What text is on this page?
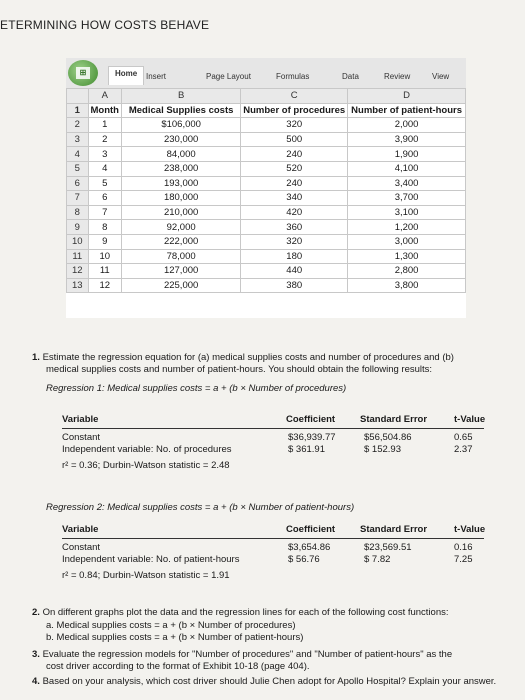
ETERMINING HOW COSTS BEHAVE
⊞	Home	Insert	Page Layout	Formulas	Data	Review	View
	A	B	C	D
1	Month	Medical Supplies costs	Number of procedures	Number of patient-hours
2	1	$106,000	320	2,000
3	2	230,000	500	3,900
4	3	84,000	240	1,900
5	4	238,000	520	4,100
6	5	193,000	240	3,400
7	6	180,000	340	3,700
8	7	210,000	420	3,100
9	8	92,000	360	1,200
10	9	222,000	320	3,000
11	10	78,000	180	1,300
12	11	127,000	440	2,800
13	12	225,000	380	3,800
1. Estimate the regression equation for (a) medical supplies costs and number of procedures and (b)
medical supplies costs and number of patient-hours. You should obtain the following results:
Regression 1: Medical supplies costs = a + (b × Number of procedures)
Variable	Coefficient	Standard Error	t-Value
Constant	$36,939.77	$56,504.86	0.65
Independent variable: No. of procedures	$ 361.91	$ 152.93	2.37
r² = 0.36; Durbin-Watson statistic = 2.48
Regression 2: Medical supplies costs = a + (b × Number of patient-hours)
Variable	Coefficient	Standard Error	t-Value
Constant	$3,654.86	$23,569.51	0.16
Independent variable: No. of patient-hours	$ 56.76	$ 7.82	7.25
r² = 0.84; Durbin-Watson statistic = 1.91
2. On different graphs plot the data and the regression lines for each of the following cost functions:
a. Medical supplies costs = a + (b × Number of procedures)
b. Medical supplies costs = a + (b × Number of patient-hours)
3. Evaluate the regression models for "Number of procedures" and "Number of patient-hours" as the
cost driver according to the format of Exhibit 10-18 (page 404).
4. Based on your analysis, which cost driver should Julie Chen adopt for Apollo Hospital? Explain your answer.
